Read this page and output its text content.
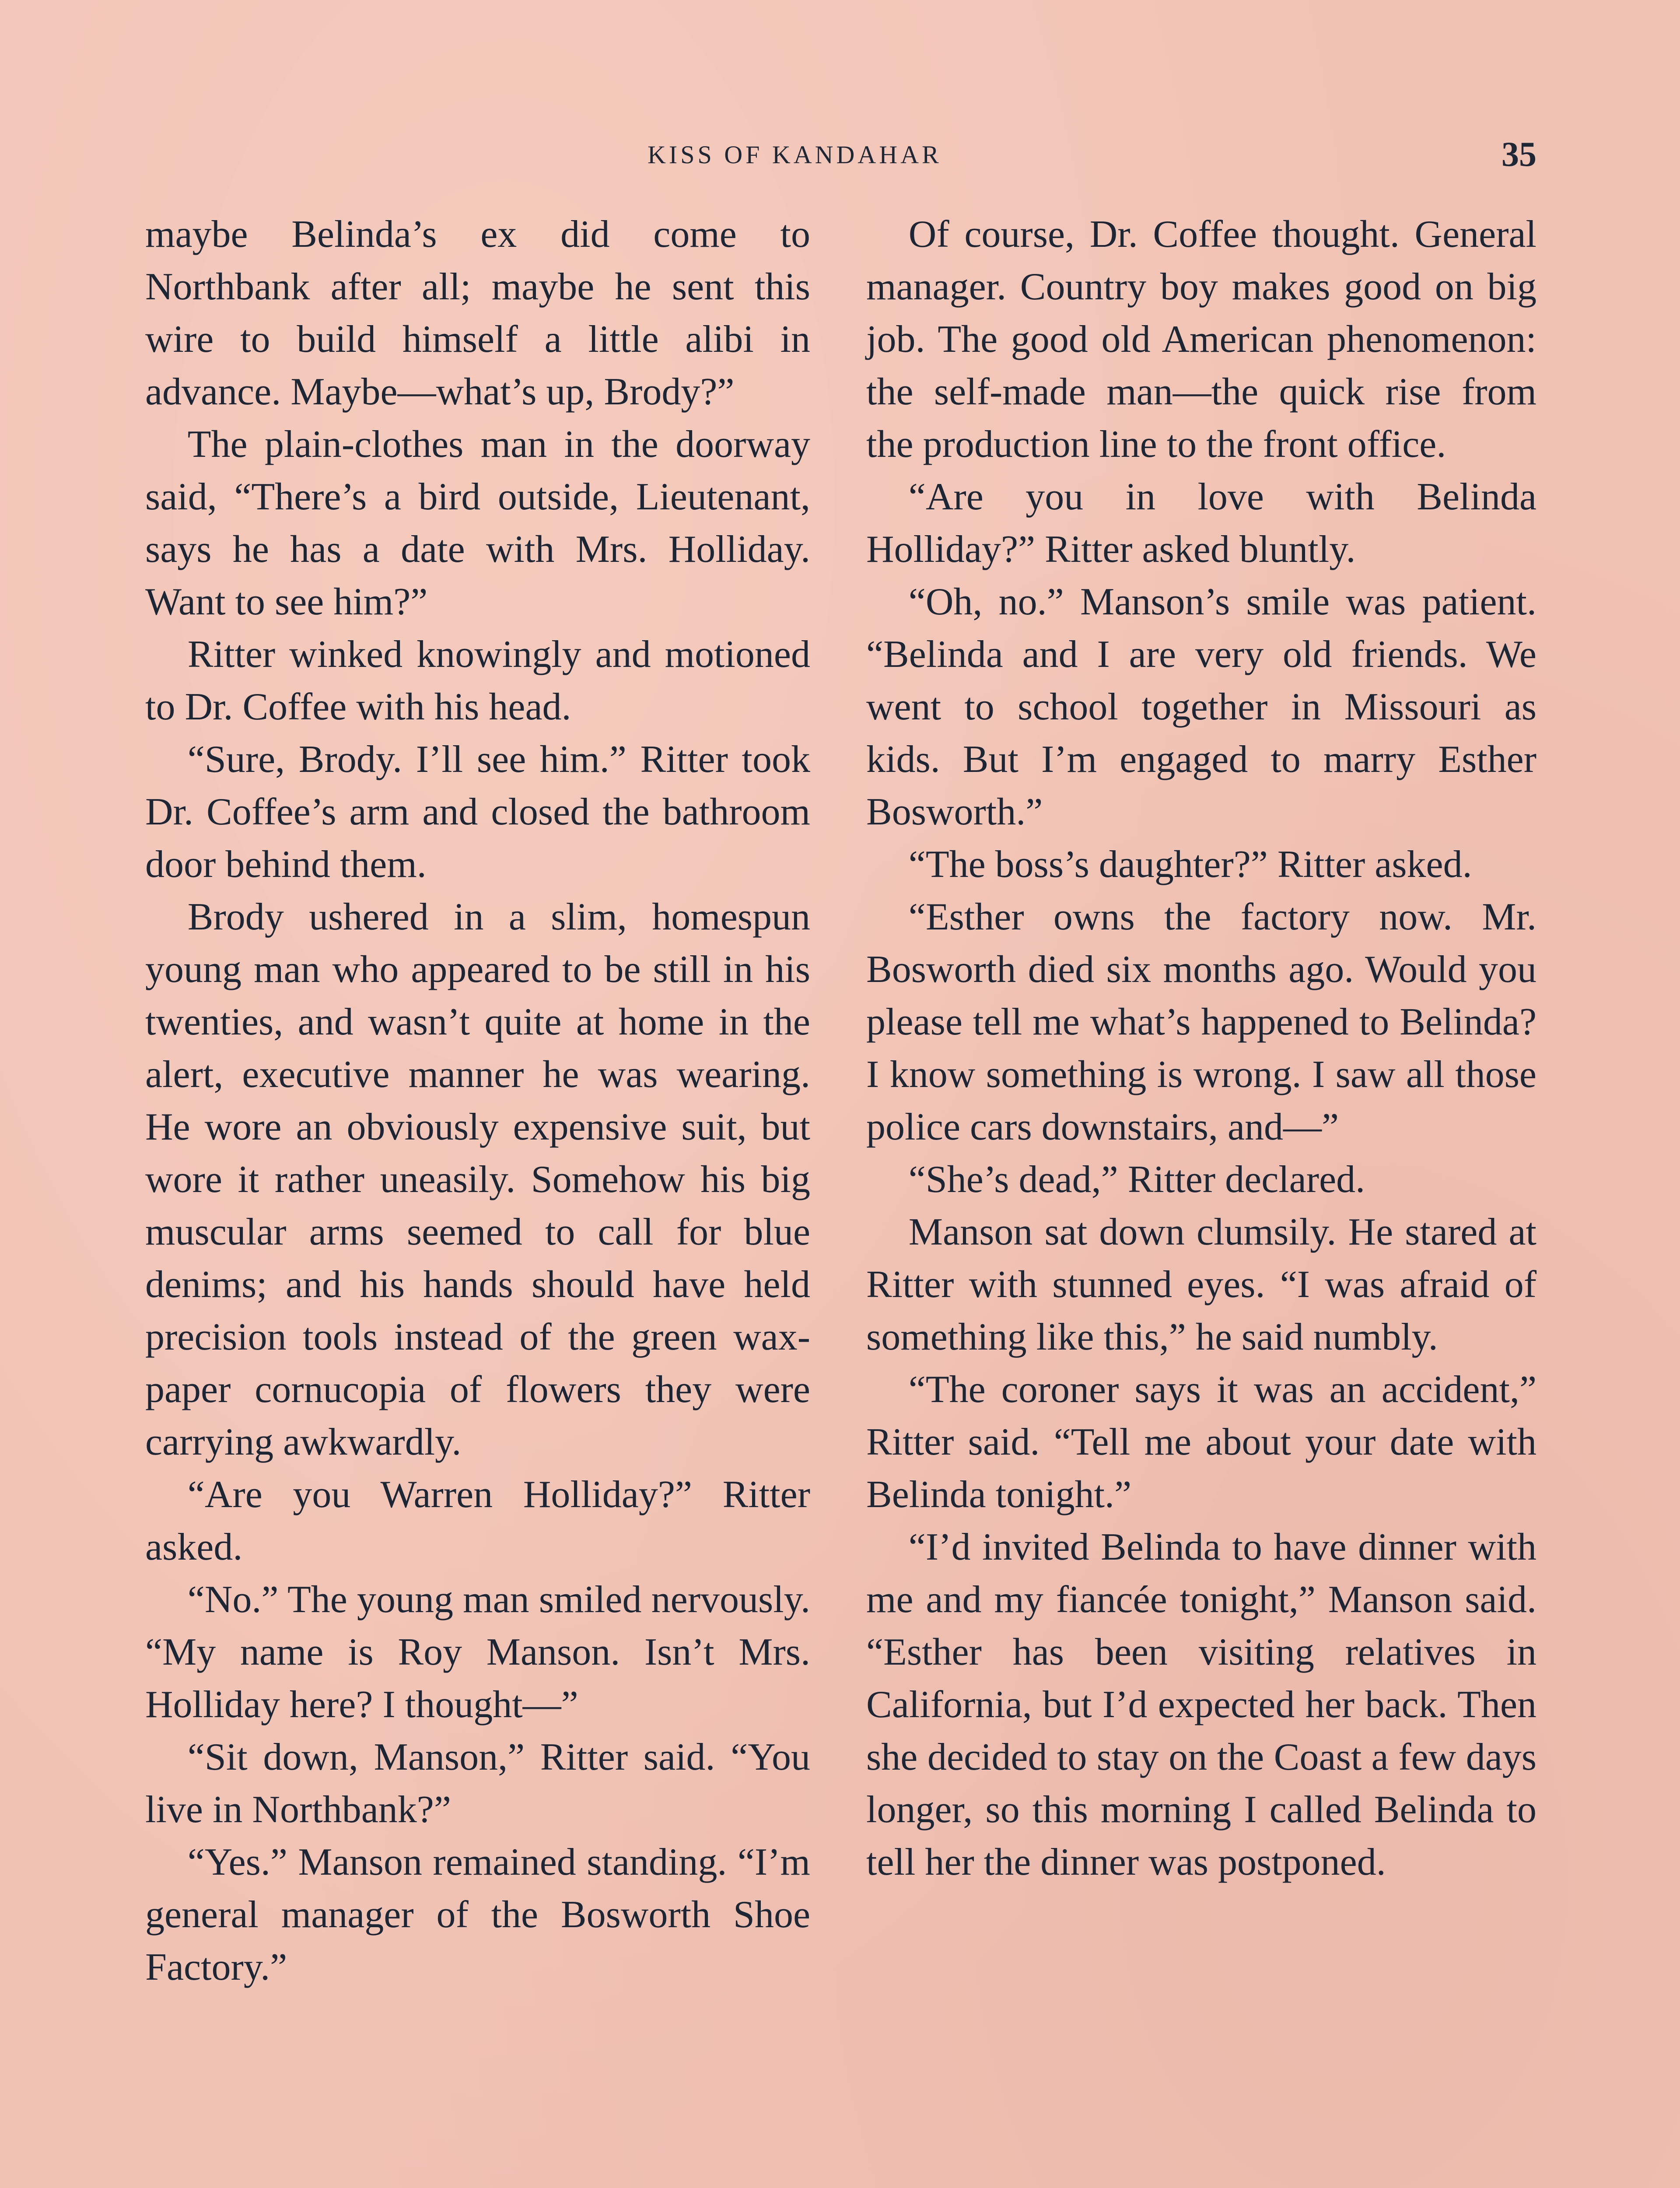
KISS OF KANDAHAR	35

maybe Belinda’s ex did come to Northbank after all; maybe he sent this wire to build himself a little alibi in advance. Maybe—what’s up, Brody?”

The plain-clothes man in the doorway said, “There’s a bird outside, Lieutenant, says he has a date with Mrs. Holliday. Want to see him?”

Ritter winked knowingly and motioned to Dr. Coffee with his head.

“Sure, Brody. I’ll see him.” Ritter took Dr. Coffee’s arm and closed the bathroom door behind them.

Brody ushered in a slim, homespun young man who appeared to be still in his twenties, and wasn’t quite at home in the alert, executive manner he was wearing. He wore an obviously expensive suit, but wore it rather uneasily. Somehow his big muscular arms seemed to call for blue denims; and his hands should have held precision tools instead of the green wax-paper cornucopia of flowers they were carrying awkwardly.

“Are you Warren Holliday?” Ritter asked.

“No.” The young man smiled nervously. “My name is Roy Manson. Isn’t Mrs. Holliday here? I thought—”

“Sit down, Manson,” Ritter said. “You live in Northbank?”

“Yes.” Manson remained standing. “I’m general manager of the Bosworth Shoe Factory.”

Of course, Dr. Coffee thought. General manager. Country boy makes good on big job. The good old American phenomenon: the self-made man—the quick rise from the production line to the front office.

“Are you in love with Belinda Holliday?” Ritter asked bluntly.

“Oh, no.” Manson’s smile was patient. “Belinda and I are very old friends. We went to school together in Missouri as kids. But I’m engaged to marry Esther Bosworth.”

“The boss’s daughter?” Ritter asked.

“Esther owns the factory now. Mr. Bosworth died six months ago. Would you please tell me what’s happened to Belinda? I know something is wrong. I saw all those police cars downstairs, and—”

“She’s dead,” Ritter declared.

Manson sat down clumsily. He stared at Ritter with stunned eyes. “I was afraid of something like this,” he said numbly.

“The coroner says it was an accident,” Ritter said. “Tell me about your date with Belinda tonight.”

“I’d invited Belinda to have dinner with me and my fiancée tonight,” Manson said. “Esther has been visiting relatives in California, but I’d expected her back. Then she decided to stay on the Coast a few days longer, so this morning I called Belinda to tell her the dinner was postponed.
